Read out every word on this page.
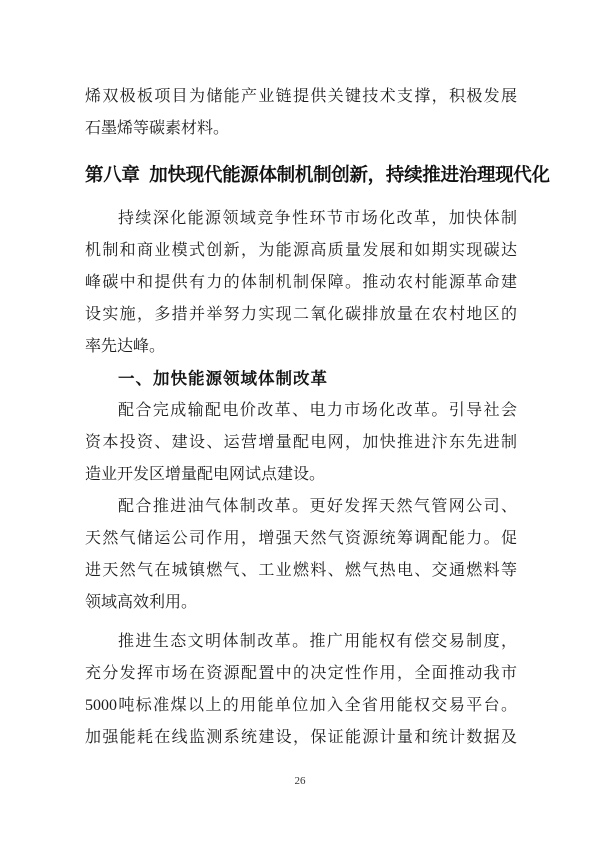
烯双极板项目为储能产业链提供关键技术支撑，积极发展
石墨烯等碳素材料。
第八章  加快现代能源体制机制创新，持续推进治理现代化
持续深化能源领域竞争性环节市场化改革，加快体制
机制和商业模式创新，为能源高质量发展和如期实现碳达
峰碳中和提供有力的体制机制保障。推动农村能源革命建
设实施，多措并举努力实现二氧化碳排放量在农村地区的
率先达峰。
一、加快能源领域体制改革
配合完成输配电价改革、电力市场化改革。引导社会
资本投资、建设、运营增量配电网，加快推进汴东先进制
造业开发区增量配电网试点建设。
配合推进油气体制改革。更好发挥天然气管网公司、
天然气储运公司作用，增强天然气资源统筹调配能力。促
进天然气在城镇燃气、工业燃料、燃气热电、交通燃料等
领域高效利用。
推进生态文明体制改革。推广用能权有偿交易制度，
充分发挥市场在资源配置中的决定性作用，全面推动我市
5000吨标准煤以上的用能单位加入全省用能权交易平台。
加强能耗在线监测系统建设，保证能源计量和统计数据及
26
